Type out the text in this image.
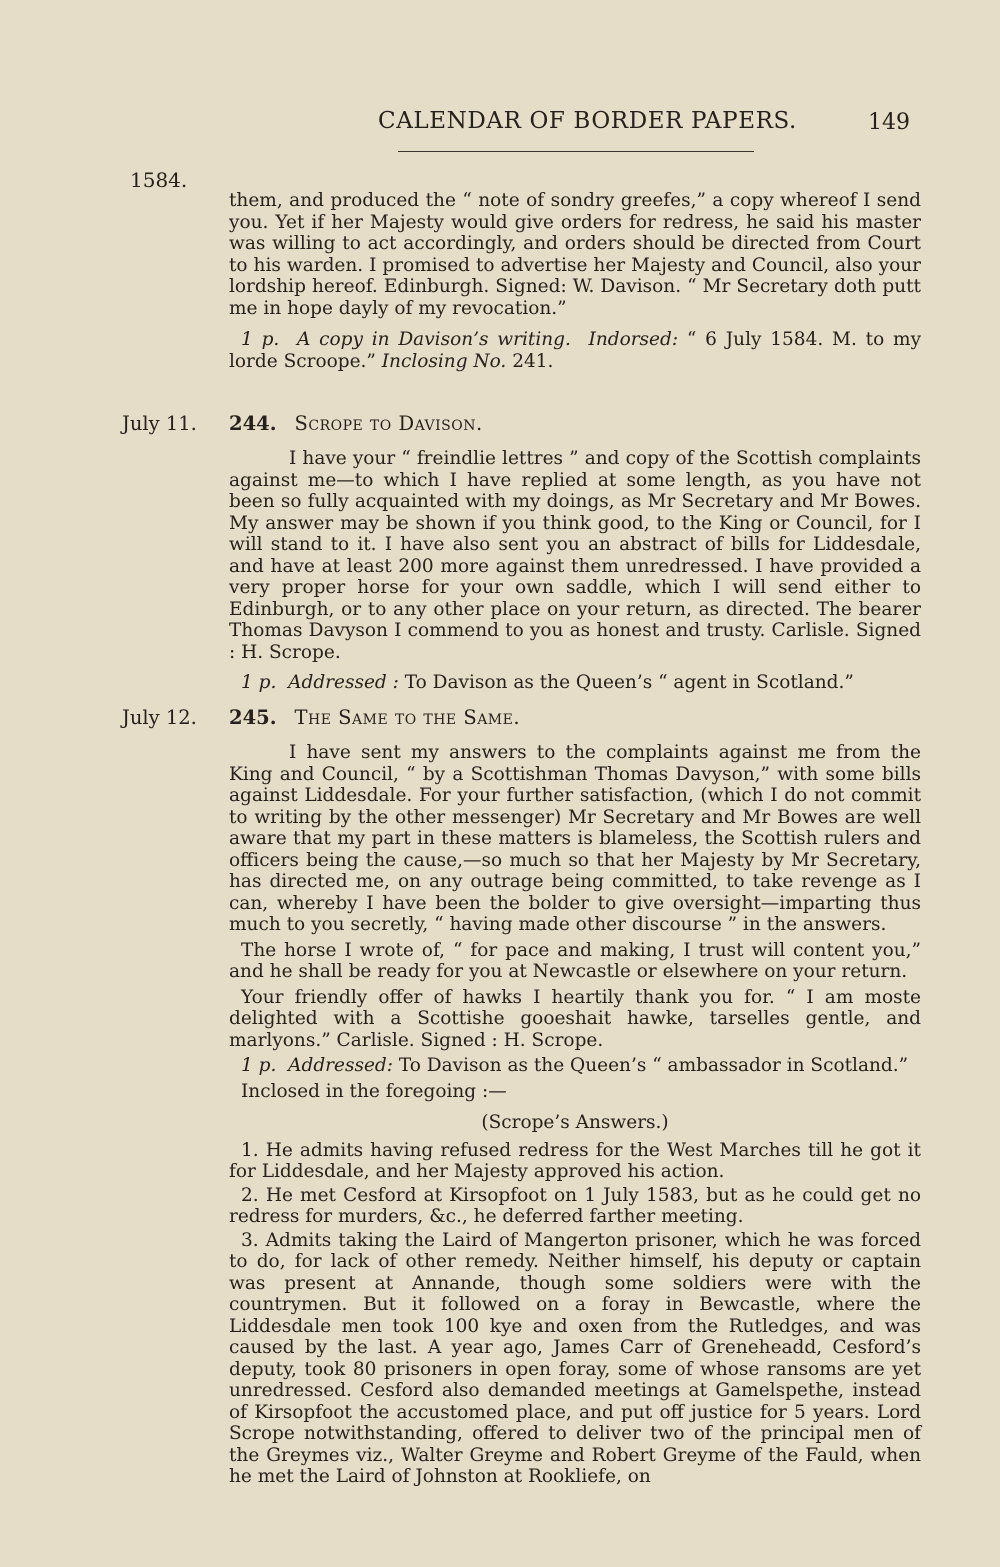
CALENDAR OF BORDER PAPERS.	149
1584.

them, and produced the “ note of sondry greefes,” a copy whereof I send you. Yet if her Majesty would give orders for redress, he said his master was willing to act accordingly, and orders should be directed from Court to his warden. I promised to advertise her Majesty and Council, also your lordship hereof. Edinburgh. Signed: W. Davison. “ Mr Secretary doth putt me in hope dayly of my revocation.”

1 p. A copy in Davison’s writing. Indorsed: “ 6 July 1584. M. to my lorde Scroope.” Inclosing No. 241.

July 11. 244. Scrope to Davison.

I have your “ freindlie lettres ” and copy of the Scottish complaints against me—to which I have replied at some length, as you have not been so fully acquainted with my doings, as Mr Secretary and Mr Bowes. My answer may be shown if you think good, to the King or Council, for I will stand to it. I have also sent you an abstract of bills for Liddesdale, and have at least 200 more against them unredressed. I have provided a very proper horse for your own saddle, which I will send either to Edinburgh, or to any other place on your return, as directed. The bearer Thomas Davyson I commend to you as honest and trusty. Carlisle. Signed : H. Scrope.

1 p. Addressed : To Davison as the Queen’s “ agent in Scotland.”

July 12. 245. The Same to the Same.

I have sent my answers to the complaints against me from the King and Council, “ by a Scottishman Thomas Davyson,” with some bills against Liddesdale. For your further satisfaction, (which I do not commit to writing by the other messenger) Mr Secretary and Mr Bowes are well aware that my part in these matters is blameless, the Scottish rulers and officers being the cause,—so much so that her Majesty by Mr Secretary, has directed me, on any outrage being committed, to take revenge as I can, whereby I have been the bolder to give oversight—imparting thus much to you secretly, “ having made other discourse ” in the answers.

The horse I wrote of, “ for pace and making, I trust will content you,” and he shall be ready for you at Newcastle or elsewhere on your return.

Your friendly offer of hawks I heartily thank you for. “ I am moste delighted with a Scottishe gooeshait hawke, tarselles gentle, and marlyons.” Carlisle. Signed : H. Scrope.

1 p. Addressed: To Davison as the Queen’s “ ambassador in Scotland.”

Inclosed in the foregoing :—

(Scrope’s Answers.)

1. He admits having refused redress for the West Marches till he got it for Liddesdale, and her Majesty approved his action.

2. He met Cesford at Kirsopfoot on 1 July 1583, but as he could get no redress for murders, &c., he deferred farther meeting.

3. Admits taking the Laird of Mangerton prisoner, which he was forced to do, for lack of other remedy. Neither himself, his deputy or captain was present at Annande, though some soldiers were with the countrymen. But it followed on a foray in Bewcastle, where the Liddesdale men took 100 kye and oxen from the Rutledges, and was caused by the last. A year ago, James Carr of Greneheadd, Cesford’s deputy, took 80 prisoners in open foray, some of whose ransoms are yet unredressed. Cesford also demanded meetings at Gamelspethe, instead of Kirsopfoot the accustomed place, and put off justice for 5 years. Lord Scrope notwithstanding, offered to deliver two of the principal men of the Greymes viz., Walter Greyme and Robert Greyme of the Fauld, when he met the Laird of Johnston at Rookliefe, on
